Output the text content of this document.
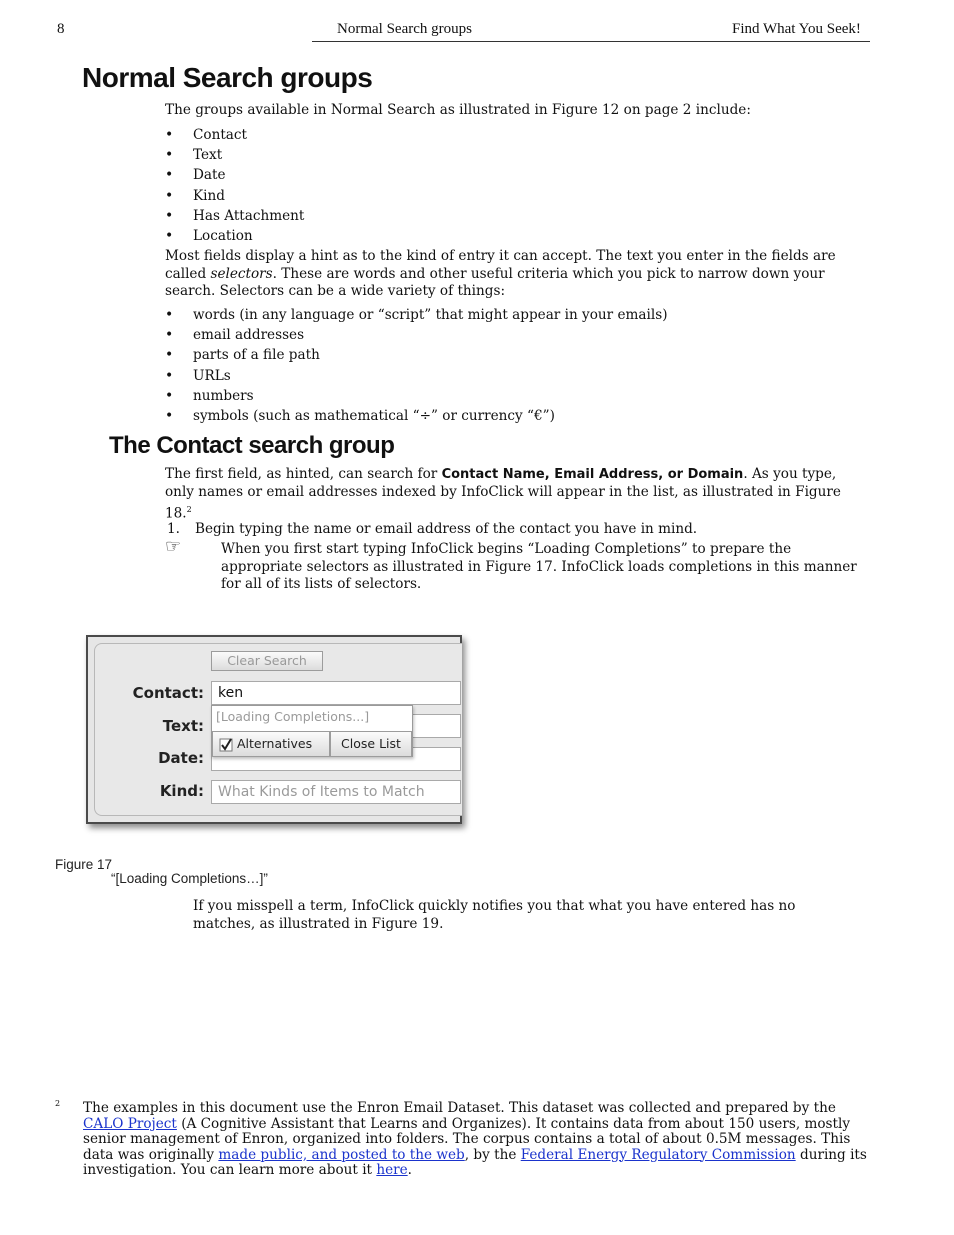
8	Normal Search groups	Find What You Seek!
Normal Search groups
The groups available in Normal Search as illustrated in Figure 12 on page 2 include:
• Contact
• Text
• Date
• Kind
• Has Attachment
• Location
Most fields display a hint as to the kind of entry it can accept. The text you enter in the fields are called selectors. These are words and other useful criteria which you pick to narrow down your search. Selectors can be a wide variety of things:
• words (in any language or “script” that might appear in your emails)
• email addresses
• parts of a file path
• URLs
• numbers
• symbols (such as mathematical “÷” or currency “€”)
The Contact search group
The first field, as hinted, can search for Contact Name, Email Address, or Domain. As you type, only names or email addresses indexed by InfoClick will appear in the list, as illustrated in Figure 18.$^2$
1. Begin typing the name or email address of the contact you have in mind.
☞	When you first start typing InfoClick begins “Loading Completions” to prepare the appropriate selectors as illustrated in Figure 17. InfoClick loads completions in this manner for all of its lists of selectors.
Clear Search
Contact:	ken
Text:
Date:
Kind:	What Kinds of Items to Match
[Loading Completions...]
Alternatives	Close List
Figure 17
“[Loading Completions…]”
If you misspell a term, InfoClick quickly notifies you that what you have entered has no matches, as illustrated in Figure 19.
2 The examples in this document use the Enron Email Dataset. This dataset was collected and prepared by the CALO Project (A Cognitive Assistant that Learns and Organizes). It contains data from about 150 users, mostly senior management of Enron, organized into folders. The corpus contains a total of about 0.5M messages. This data was originally made public, and posted to the web, by the Federal Energy Regulatory Commission during its investigation. You can learn more about it here.
